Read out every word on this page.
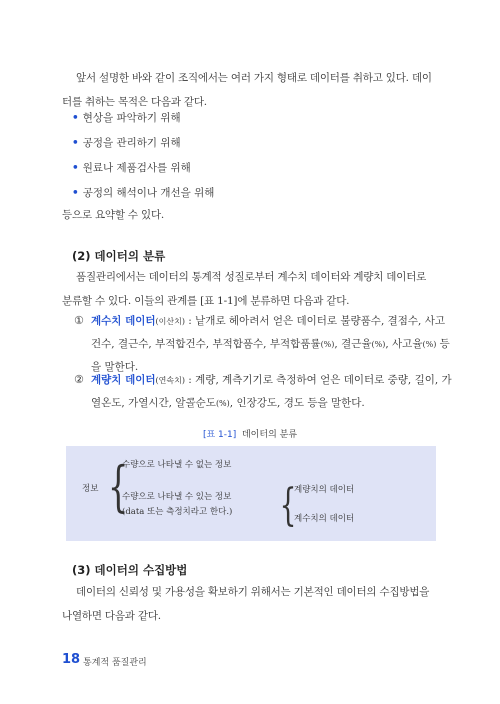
앞서 설명한 바와 같이 조직에서는 여러 가지 형태로 데이터를 취하고 있다. 데이터를 취하는 목적은 다음과 같다.

• 현상을 파악하기 위해
• 공정을 관리하기 위해
• 원료나 제품검사를 위해
• 공정의 해석이나 개선을 위해

등으로 요약할 수 있다.

(2) 데이터의 분류

품질관리에서는 데이터의 통계적 성질로부터 계수치 데이터와 계량치 데이터로 분류할 수 있다. 이들의 관계를 [표 1-1]에 분류하면 다음과 같다.

① 계수치 데이터(이산치) : 낱개로 헤아려서 얻은 데이터로 불량품수, 결점수, 사고건수, 결근수, 부적합건수, 부적합품수, 부적합품률(%), 결근율(%), 사고율(%) 등을 말한다.
② 계량치 데이터(연속치) : 계량, 계측기기로 측정하여 얻은 데이터로 중량, 길이, 가열온도, 가열시간, 알콜순도(%), 인장강도, 경도 등을 말한다.
[표 1-1] 데이터의 분류
정보 {
수량으로 나타낼 수 없는 정보
수량으로 나타낼 수 있는 정보
(data 또는 측정치라고 한다.) {
계량치의 데이터
계수치의 데이터
(3) 데이터의 수집방법

데이터의 신뢰성 및 가용성을 확보하기 위해서는 기본적인 데이터의 수집방법을 나열하면 다음과 같다.

18 통계적 품질관리
